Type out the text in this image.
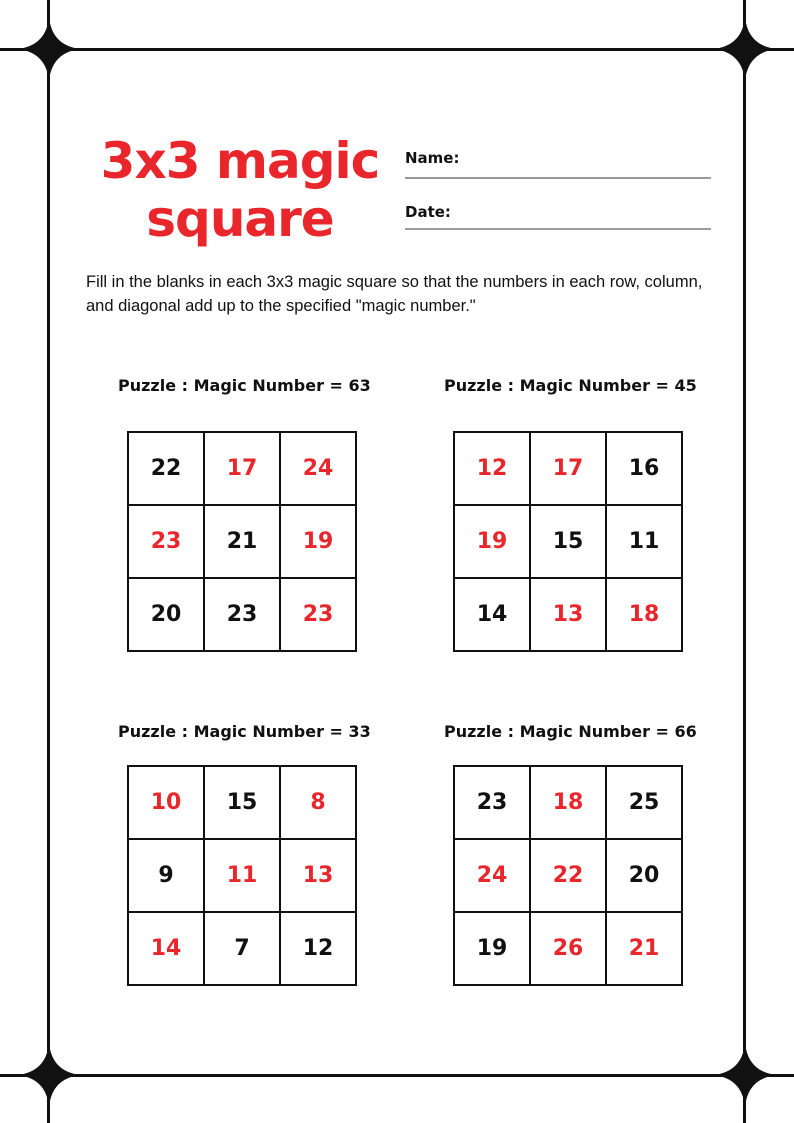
3x3 magic
square
Name:
Date:
Fill in the blanks in each 3x3 magic square so that the numbers in each row, column, and diagonal add up to the specified "magic number."
Puzzle : Magic Number = 63
22	17	24
23	21	19
20	23	23
Puzzle : Magic Number = 45
12	17	16
19	15	11
14	13	18
Puzzle : Magic Number = 33
10	15	8
9	11	13
14	7	12
Puzzle : Magic Number = 66
23	18	25
24	22	20
19	26	21
